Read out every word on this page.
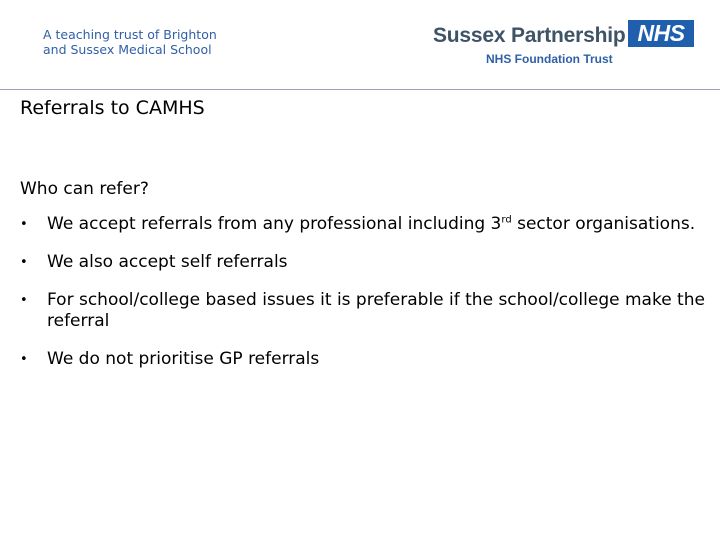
A teaching trust of Brighton
and Sussex Medical School
Sussex Partnership NHS
NHS Foundation Trust
Referrals to CAMHS
Who can refer?
• We accept referrals from any professional including 3rd sector organisations.
• We also accept self referrals
• For school/college based issues it is preferable if the school/college make the referral
• We do not prioritise GP referrals
